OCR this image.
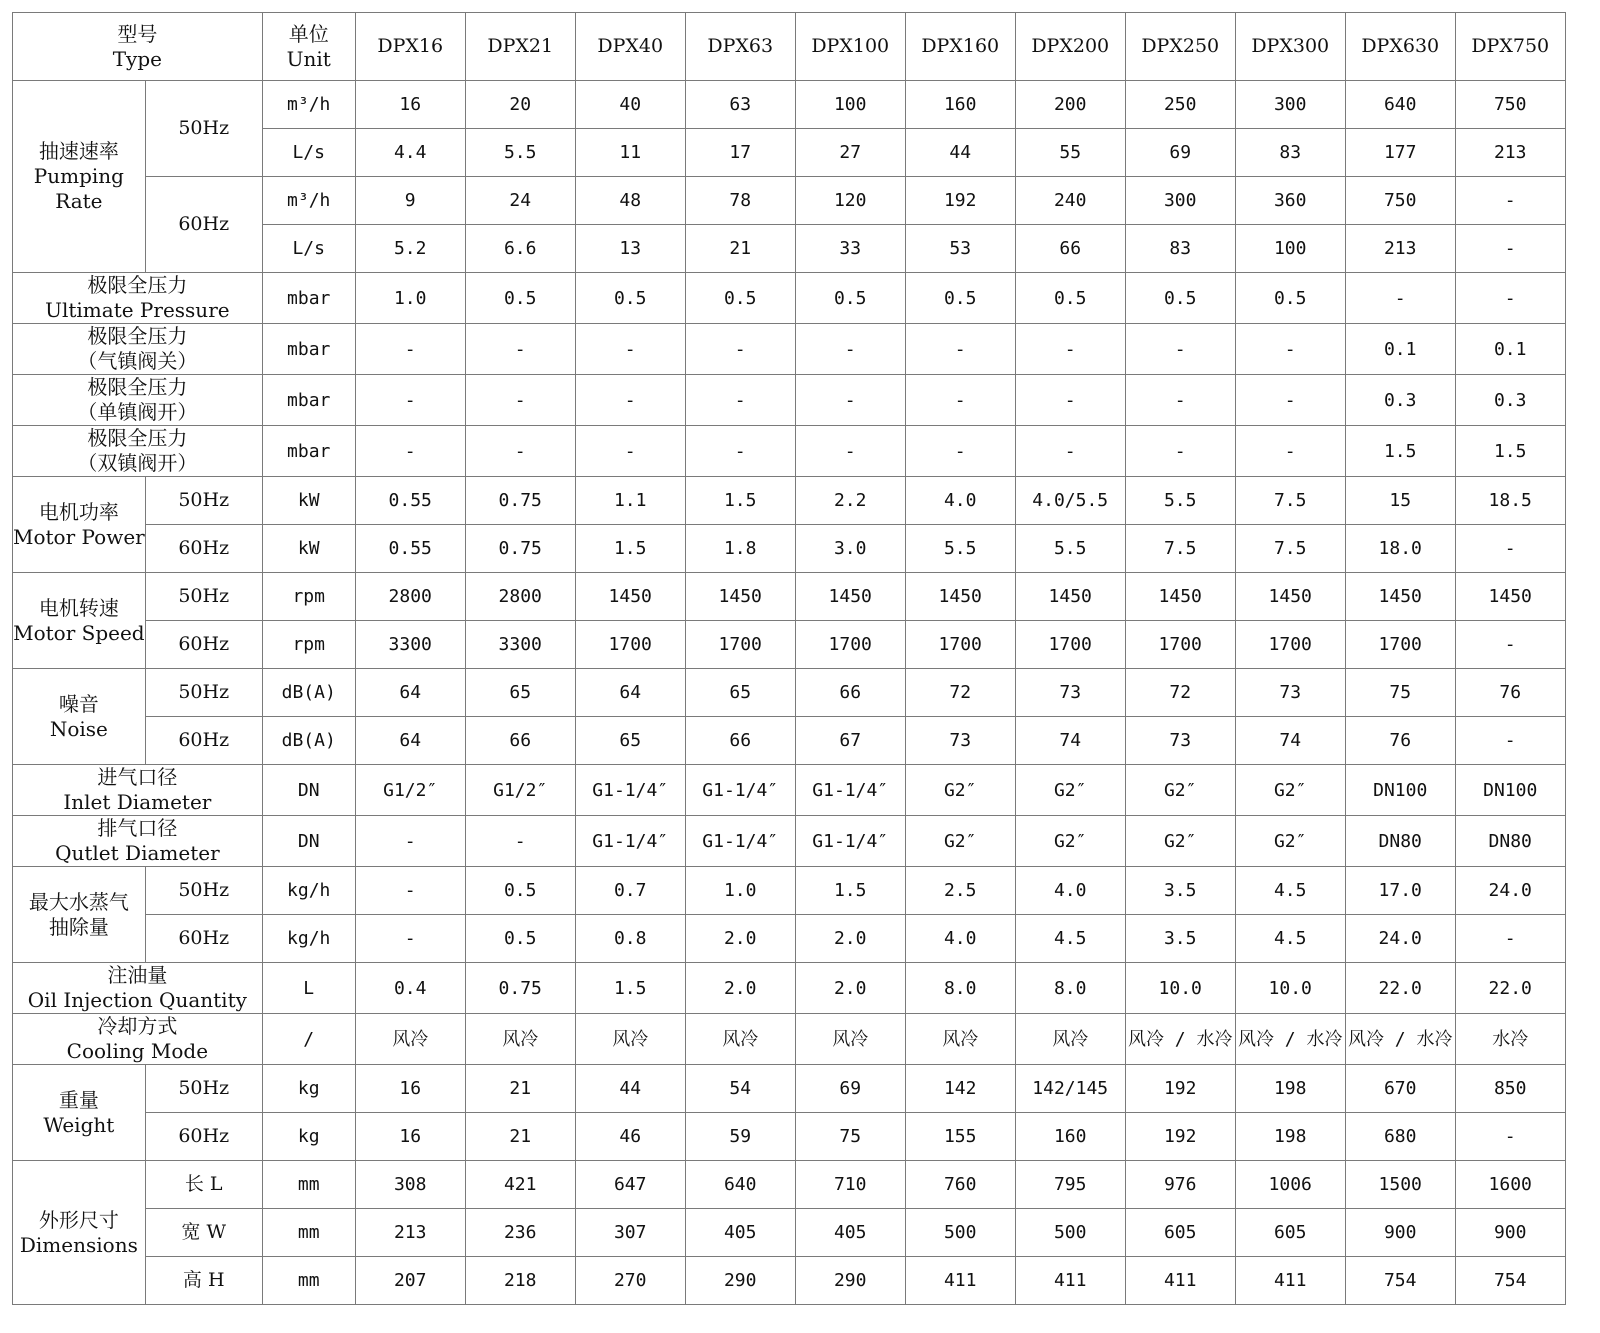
型号
Type		单位
Unit	DPX16	DPX21	DPX40	DPX63	DPX100	DPX160	DPX200	DPX250	DPX300	DPX630	DPX750

抽速速率
Pumping
Rate	50Hz	m³/h	16	20	40	63	100	160	200	250	300	640	750
		L/s	4.4	5.5	11	17	27	44	55	69	83	177	213
	60Hz	m³/h	9	24	48	78	120	192	240	300	360	750	-
		L/s	5.2	6.6	13	21	33	53	66	83	100	213	-

极限全压力
Ultimate Pressure		mbar	1.0	0.5	0.5	0.5	0.5	0.5	0.5	0.5	0.5	-	-

极限全压力
（气镇阀关）		mbar	-	-	-	-	-	-	-	-	-	0.1	0.1

极限全压力
（单镇阀开）		mbar	-	-	-	-	-	-	-	-	-	0.3	0.3

极限全压力
（双镇阀开）		mbar	-	-	-	-	-	-	-	-	-	1.5	1.5

电机功率
Motor Power	50Hz	kW	0.55	0.75	1.1	1.5	2.2	4.0	4.0/5.5	5.5	7.5	15	18.5
	60Hz	kW	0.55	0.75	1.5	1.8	3.0	5.5	5.5	7.5	7.5	18.0	-

电机转速
Motor Speed	50Hz	rpm	2800	2800	1450	1450	1450	1450	1450	1450	1450	1450	1450
	60Hz	rpm	3300	3300	1700	1700	1700	1700	1700	1700	1700	1700	-

噪音
Noise	50Hz	dB(A)	64	65	64	65	66	72	73	72	73	75	76
	60Hz	dB(A)	64	66	65	66	67	73	74	73	74	76	-

进气口径
Inlet Diameter		DN	G1/2″	G1/2″	G1-1/4″	G1-1/4″	G1-1/4″	G2″	G2″	G2″	G2″	DN100	DN100

排气口径
Qutlet Diameter		DN	-	-	G1-1/4″	G1-1/4″	G1-1/4″	G2″	G2″	G2″	G2″	DN80	DN80

最大水蒸气
抽除量	50Hz	kg/h	-	0.5	0.7	1.0	1.5	2.5	4.0	3.5	4.5	17.0	24.0
	60Hz	kg/h	-	0.5	0.8	2.0	2.0	4.0	4.5	3.5	4.5	24.0	-

注油量
Oil Injection Quantity		L	0.4	0.75	1.5	2.0	2.0	8.0	8.0	10.0	10.0	22.0	22.0

冷却方式
Cooling Mode		/	风冷	风冷	风冷	风冷	风冷	风冷	风冷	风冷 / 水冷	风冷 / 水冷	风冷 / 水冷	水冷

重量
Weight	50Hz	kg	16	21	44	54	69	142	142/145	192	198	670	850
	60Hz	kg	16	21	46	59	75	155	160	192	198	680	-

外形尺寸
Dimensions	长 L	mm	308	421	647	640	710	760	795	976	1006	1500	1600
	宽 W	mm	213	236	307	405	405	500	500	605	605	900	900
	高 H	mm	207	218	270	290	290	411	411	411	411	754	754
